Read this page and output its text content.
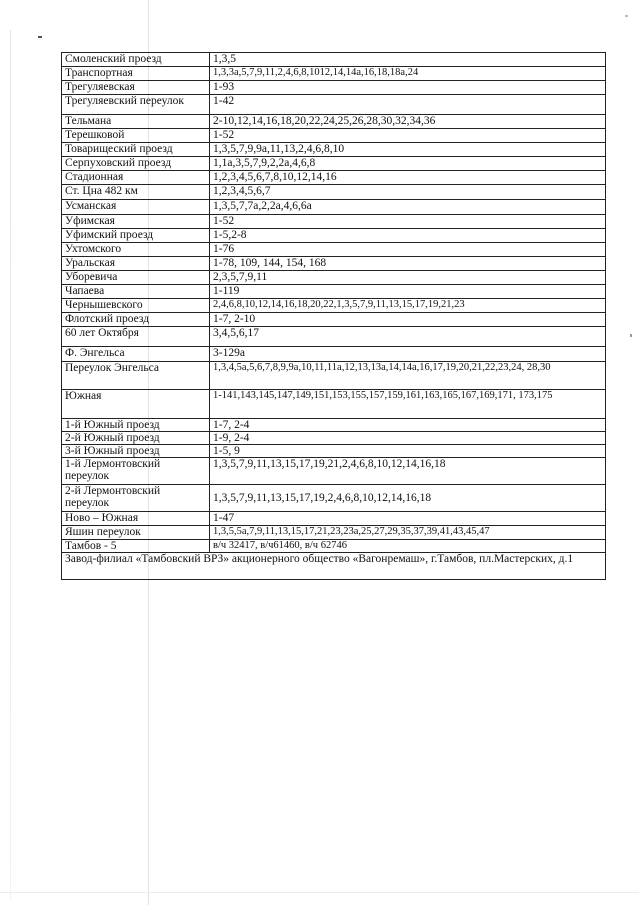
Смоленский проезд	1,3,5
Транспортная	1,3,3а,5,7,9,11,2,4,6,8,1012,14,14а,16,18,18а,24
Трегуляевская	1-93
Трегуляевский переулок	1-42
Тельмана	2-10,12,14,16,18,20,22,24,25,26,28,30,32,34,36
Терешковой	1-52
Товарищеский проезд	1,3,5,7,9,9а,11,13,2,4,6,8,10
Серпуховский проезд	1,1а,3,5,7,9,2,2а,4,6,8
Стадионная	1,2,3,4,5,6,7,8,10,12,14,16
Ст. Цна 482 км	1,2,3,4,5,6,7
Усманская	1,3,5,7,7а,2,2а,4,6,6а
Уфимская	1-52
Уфимский проезд	1-5,2-8
Ухтомского	1-76
Уральская	1-78, 109, 144, 154, 168
Уборевича	2,3,5,7,9,11
Чапаева	1-119
Чернышевского	2,4,6,8,10,12,14,16,18,20,22,1,3,5,7,9,11,13,15,17,19,21,23
Флотский проезд	1-7, 2-10
60 лет Октября	3,4,5,6,17
Ф. Энгельса	3-129а
Переулок Энгельса	1,3,4,5а,5,6,7,8,9,9а,10,11,11а,12,13,13а,14,14а,16,17,19,20,21,22,23,24, 28,30
Южная	1-141,143,145,147,149,151,153,155,157,159,161,163,165,167,169,171, 173,175
1-й Южный проезд	1-7, 2-4
2-й Южный проезд	1-9, 2-4
3-й Южный проезд	1-5, 9
1-й Лермонтовский переулок	1,3,5,7,9,11,13,15,17,19,21,2,4,6,8,10,12,14,16,18
2-й Лермонтовский переулок	1,3,5,7,9,11,13,15,17,19,2,4,6,8,10,12,14,16,18
Ново – Южная	1-47
Яшин переулок	1,3,5,5а,7,9,11,13,15,17,21,23,23а,25,27,29,35,37,39,41,43,45,47
Тамбов - 5	в/ч 32417, в/ч61460, в/ч 62746
Завод-филиал «Тамбовский ВРЗ» акционерного общество «Вагонремаш», г.Тамбов, пл.Мастерских, д.1	
